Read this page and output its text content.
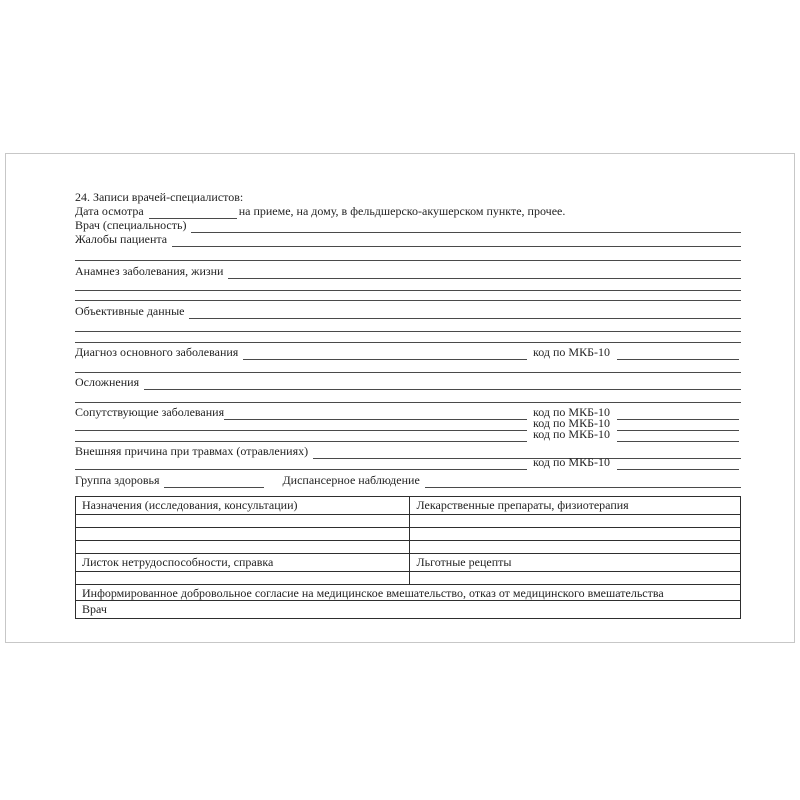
24. Записи врачей-специалистов:
Дата осмотра	на приеме, на дому, в фельдшерско-акушерском пункте, прочее.
Врач (специальность)
Жалобы пациента
Анамнез заболевания, жизни
Объективные данные
Диагноз основного заболевания	код по МКБ-10
Осложнения
Сопутствующие заболевания	код по МКБ-10
код по МКБ-10
код по МКБ-10
Внешняя причина при травмах (отравлениях)
код по МКБ-10
Группа здоровья	Диспансерное наблюдение
Назначения (исследования, консультации)	Лекарственные препараты, физиотерапия

Листок нетрудоспособности, справка	Льготные рецепты

Информированное добровольное согласие на медицинское вмешательство, отказ от медицинского вмешательства	
Врач	
